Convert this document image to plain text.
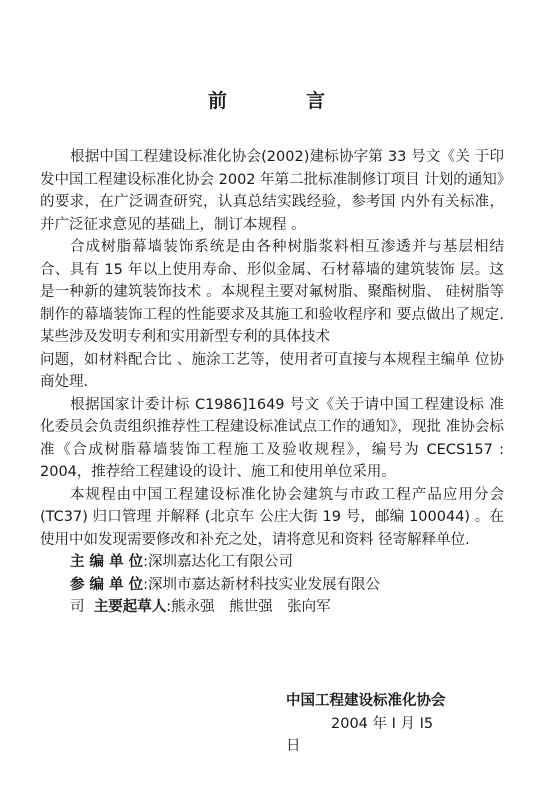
前　言

根据中国工程建设标准化协会(2002)建标协字第 33 号文《关 于印发中国工程建设标准化协会 2002 年第二批标准制修订项目 计划的通知》的要求，在广泛调查研究，认真总结实践经验，参考国 内外有关标准，并广泛征求意见的基础上，制订本规程 。

合成树脂幕墙装饰系统是由各种树脂浆料相互渗透并与基层相结合、具有 15 年以上使用寿命、形似金属、石材幕墙的建筑装饰 层。这是一种新的建筑装饰技术 。本规程主要对氟树脂、聚酯树脂、 硅树脂等制作的幕墙装饰工程的性能要求及其施工和验收程序和 要点做出了规定. 某些涉及发明专利和实用新型专利的具体技术

问题，如材料配合比 、施涂工艺等，使用者可直接与本规程主编单 位协商处理.

根据国家计委计标 C1986]1649 号文《关于请中国工程建设标 准化委员会负责组织推荐性工程建设标准试点工作的通知》，现批 准协会标准《合成树脂幕墙装饰工程施工及验收规程》，编号为 CECS157 : 2004，推荐给工程建设的设计、施工和使用单位采用。

本规程由中国工程建设标准化协会建筑与市政工程产品应用分会 (TC37) 归口管理 并解释 (北京车 公庄大街 19 号，邮编 100044) 。在使用中如发现需要修改和补充之处，请将意见和资料 径寄解释单位.

主 编 单 位:深圳嘉达化工有限公司

参 编 单 位:深圳市嘉达新材科技实业发展有限公

司 主要起草人:熊永强　熊世强　张向军

中国工程建设标准化协会
2004 年 I 月 I5
日
